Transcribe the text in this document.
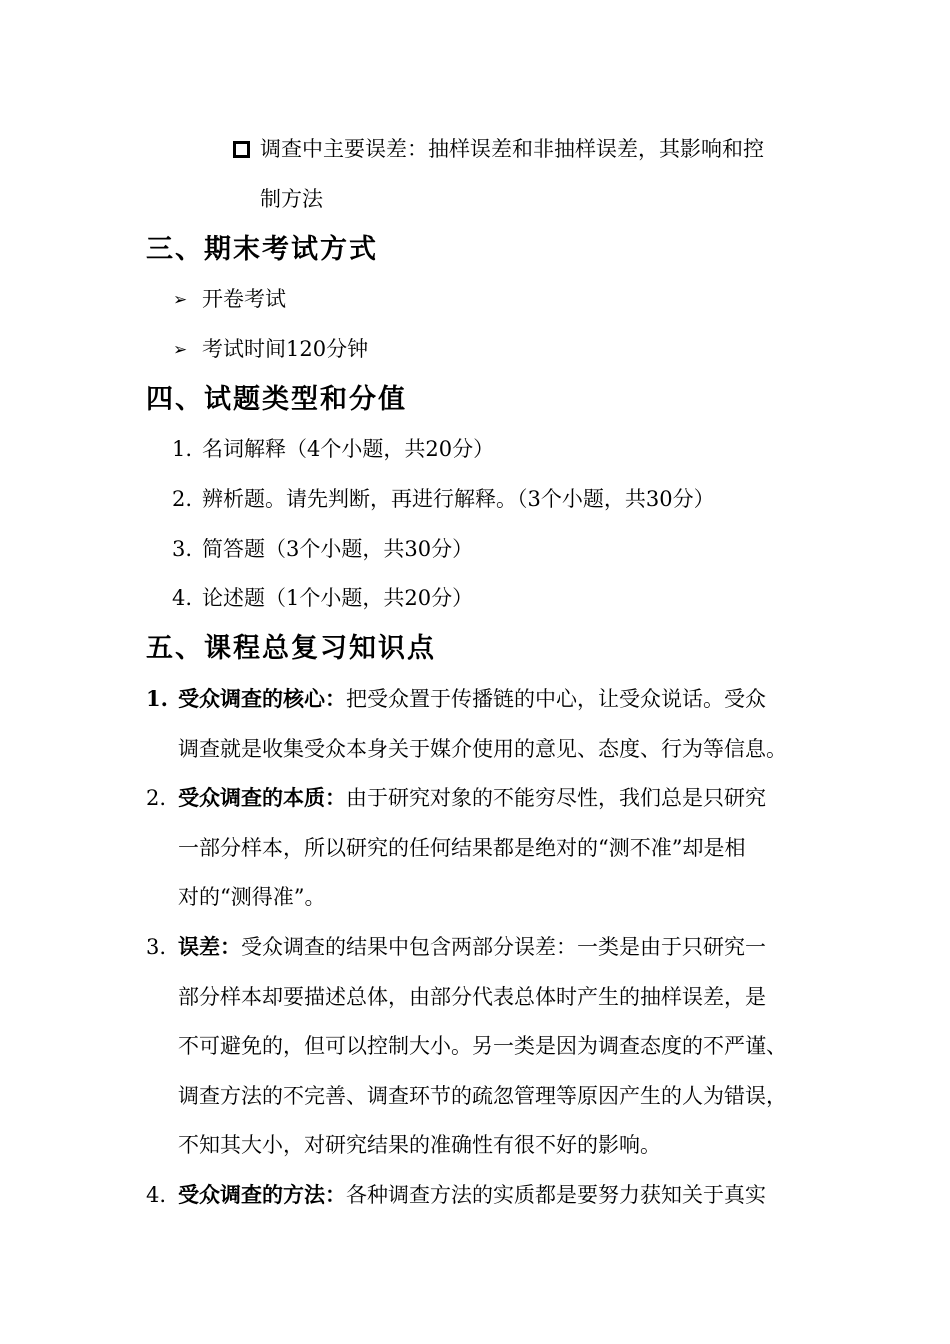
调查中主要误差：抽样误差和非抽样误差，其影响和控
制方法
三、期末考试方式
➢ 开卷考试
➢ 考试时间120分钟
四、试题类型和分值
1. 名词解释（4个小题，共20分）
2. 辨析题。请先判断，再进行解释。（3个小题，共30分）
3. 简答题（3个小题，共30分）
4. 论述题（1个小题，共20分）
五、课程总复习知识点
1. 受众调查的核心：把受众置于传播链的中心，让受众说话。受众
调查就是收集受众本身关于媒介使用的意见、态度、行为等信息。
2. 受众调查的本质：由于研究对象的不能穷尽性，我们总是只研究
一部分样本，所以研究的任何结果都是绝对的“测不准”却是相
对的“测得准”。
3. 误差：受众调查的结果中包含两部分误差：一类是由于只研究一
部分样本却要描述总体，由部分代表总体时产生的抽样误差，是
不可避免的，但可以控制大小。另一类是因为调查态度的不严谨、
调查方法的不完善、调查环节的疏忽管理等原因产生的人为错误，
不知其大小，对研究结果的准确性有很不好的影响。
4. 受众调查的方法：各种调查方法的实质都是要努力获知关于真实
